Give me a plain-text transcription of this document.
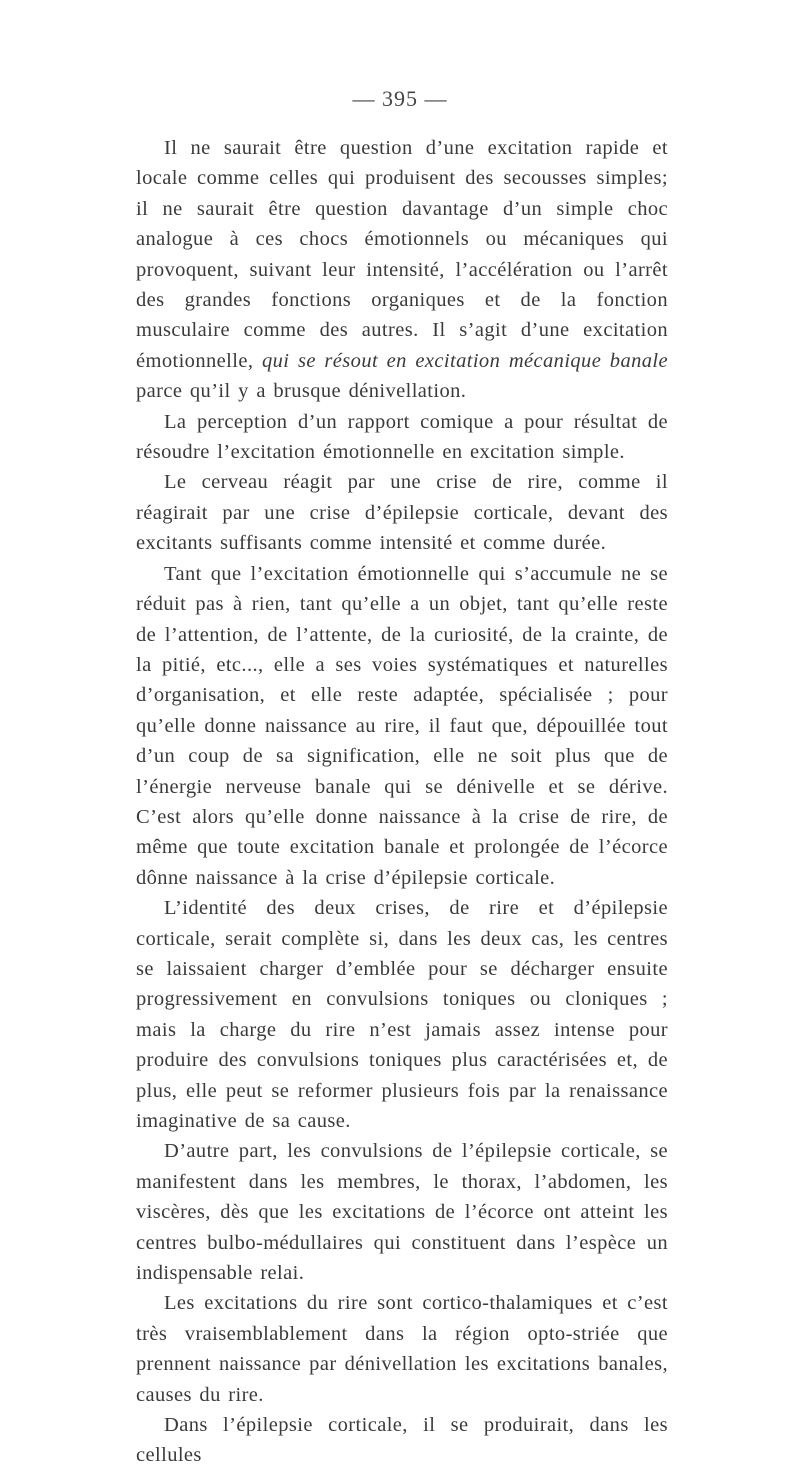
— 395 —

Il ne saurait être question d’une excitation rapide et locale comme celles qui produisent des secousses simples; il ne saurait être question davantage d’un simple choc analogue à ces chocs émotionnels ou mécaniques qui provoquent, suivant leur intensité, l’accélération ou l’arrêt des grandes fonctions organiques et de la fonction musculaire comme des autres. Il s’agit d’une excitation émotionnelle, qui se résout en excitation mécanique banale parce qu’il y a brusque dénivellation.

La perception d’un rapport comique a pour résultat de résoudre l’excitation émotionnelle en excitation simple.

Le cerveau réagit par une crise de rire, comme il réagirait par une crise d’épilepsie corticale, devant des excitants suffisants comme intensité et comme durée.

Tant que l’excitation émotionnelle qui s’accumule ne se réduit pas à rien, tant qu’elle a un objet, tant qu’elle reste de l’attention, de l’attente, de la curiosité, de la crainte, de la pitié, etc..., elle a ses voies systématiques et naturelles d’organisation, et elle reste adaptée, spécialisée ; pour qu’elle donne naissance au rire, il faut que, dépouillée tout d’un coup de sa signification, elle ne soit plus que de l’énergie nerveuse banale qui se dénivelle et se dérive. C’est alors qu’elle donne naissance à la crise de rire, de même que toute excitation banale et prolongée de l’écorce dônne naissance à la crise d’épilepsie corticale.

L’identité des deux crises, de rire et d’épilepsie corticale, serait complète si, dans les deux cas, les centres se laissaient charger d’emblée pour se décharger ensuite progressivement en convulsions toniques ou cloniques ; mais la charge du rire n’est jamais assez intense pour produire des convulsions toniques plus caractérisées et, de plus, elle peut se reformer plusieurs fois par la renaissance imaginative de sa cause.

D’autre part, les convulsions de l’épilepsie corticale, se manifestent dans les membres, le thorax, l’abdomen, les viscères, dès que les excitations de l’écorce ont atteint les centres bulbo-médullaires qui constituent dans l’espèce un indispensable relai.

Les excitations du rire sont cortico-thalamiques et c’est très vraisemblablement dans la région opto-striée que prennent naissance par dénivellation les excitations banales, causes du rire.

Dans l’épilepsie corticale, il se produirait, dans les cellules
